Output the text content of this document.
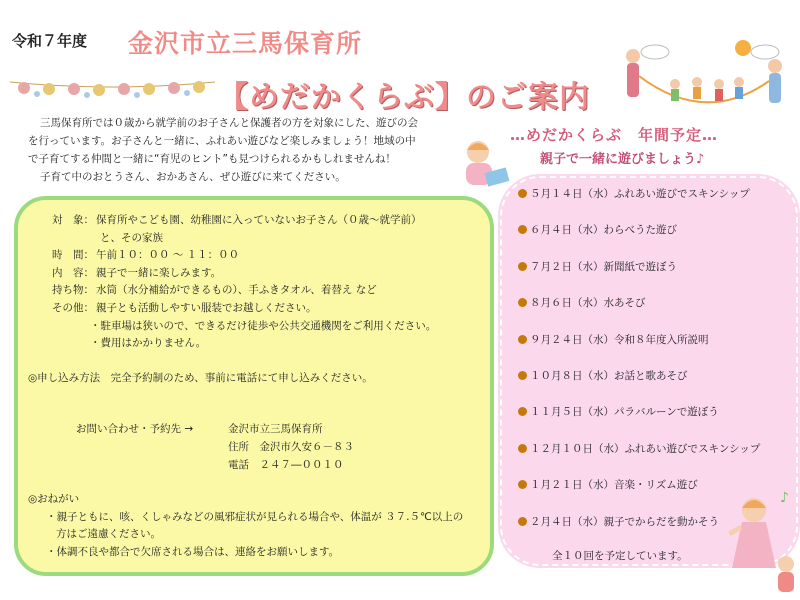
令和７年度 金沢市立三馬保育所
【めだかくらぶ】のご案内

三馬保育所では０歳から就学前のお子さんと保護者の方を対象にした、遊びの会

を行っています。お子さんと一緒に、ふれあい遊びなど楽しみましょう！地域の中
で子育てする仲間と一緒に“育児のヒント”も見つけられるかもしれませんね！

子育て中のおとうさん、おかあさん、ぜひ遊びに来てください。

…めだかくらぶ　年間予定…
親子で一緒に遊びましょう♪
対　象： 保育所やこども園、幼稚園に入っていないお子さん（０歳～就学前）
と、その家族
時　間： 午前１０：００ ～ １１：００
内　容： 親子で一緒に楽しみます。
持ち物： 水筒（水分補給ができるもの）、手ふきタオル、着替え など
その他： 親子とも活動しやすい服装でお越しください。
・駐車場は狭いので、できるだけ徒歩や公共交通機関をご利用ください。
・費用はかかりません。
◎申し込み方法　完全予約制のため、事前に電話にて申し込みください。
お問い合わせ・予約先 →	金沢市立三馬保育所
住所　金沢市久安６－８３
電話　２４７―００１０
◎おねがい
・親子ともに、咳、くしゃみなどの風邪症状が見られる場合や、体温が ３７.５℃以上の
方はご遠慮ください。
・体調不良や都合で欠席される場合は、連絡をお願いします。
５月１４日（水）ふれあい遊びでスキンシップ
６月４日（水）わらべうた遊び
７月２日（水）新聞紙で遊ぼう
８月６日（水）水あそび
９月２４日（水）令和８年度入所説明
１０月８日（水）お話と歌あそび
１１月５日（水）パラバルーンで遊ぼう
１２月１０日（水）ふれあい遊びでスキンシップ
１月２１日（水）音楽・リズム遊び
２月４日（水）親子でからだを動かそう
全１０回を予定しています。
♪
